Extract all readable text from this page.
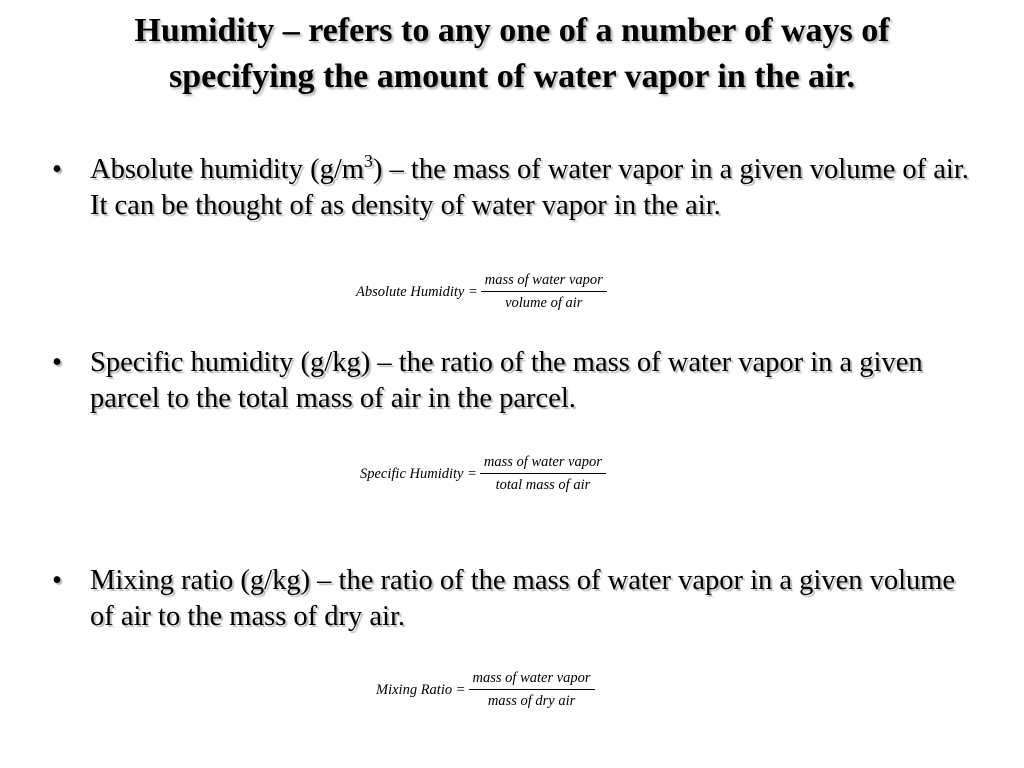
Humidity – refers to any one of a number of ways of
specifying the amount of water vapor in the air.
• Absolute humidity $(g/m^3)$ – the mass of water vapor in a given volume of air. It can be thought of as density of water vapor in the air.
Absolute Humidity = $\frac{\text{mass of water vapor}}{\text{volume of air}}$
• Specific humidity (g/kg) – the ratio of the mass of water vapor in a given parcel to the total mass of air in the parcel.
Specific Humidity = $\frac{\text{mass of water vapor}}{\text{total mass of air}}$
• Mixing ratio (g/kg) – the ratio of the mass of water vapor in a given volume of air to the mass of dry air.
Mixing Ratio = $\frac{\text{mass of water vapor}}{\text{mass of dry air}}$
